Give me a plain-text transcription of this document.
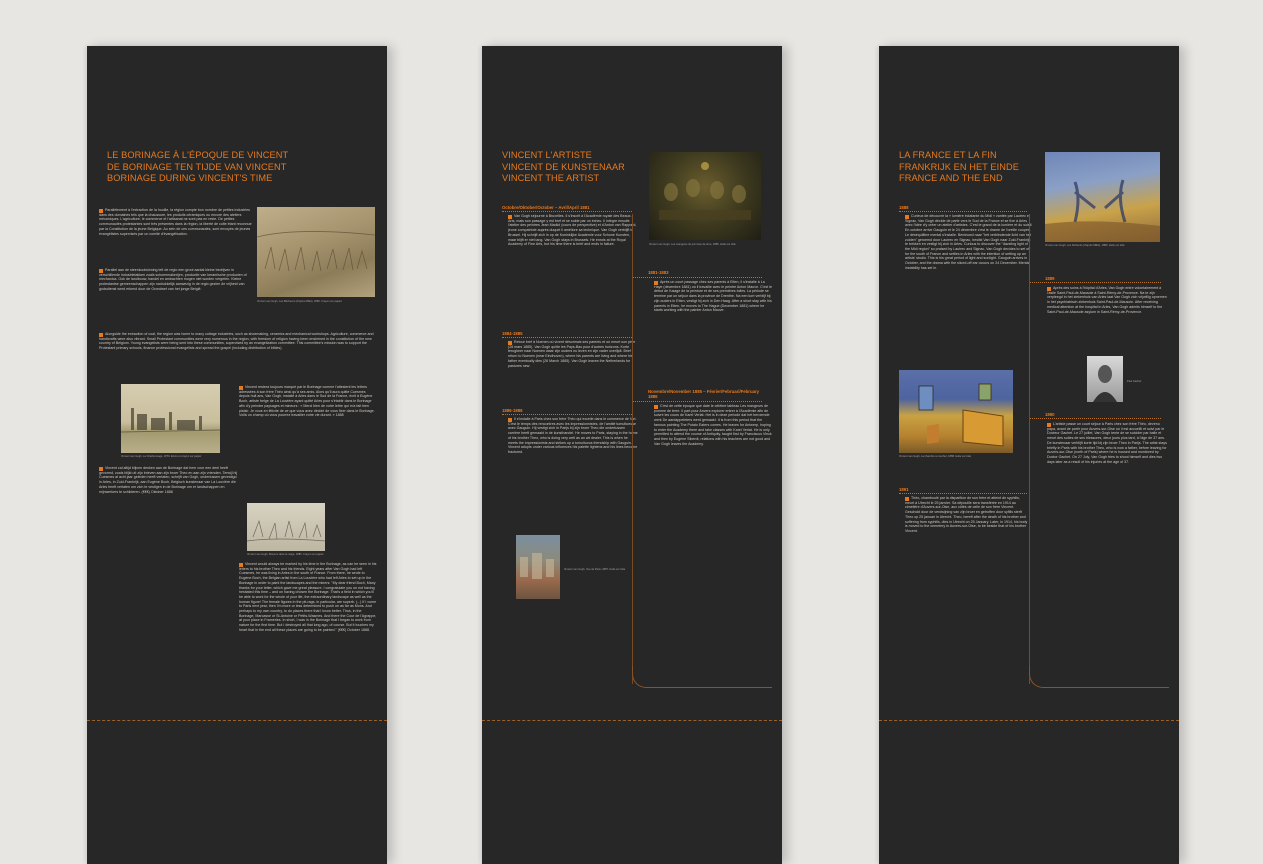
LE BORINAGE À L'ÉPOQUE DE VINCENT
DE BORINAGE TEN TIJDE VAN VINCENT
BORINAGE DURING VINCENT'S TIME
Parallèlement à l'extraction de la houille, la région compte bon nombre de petites industries dans des domaines tels que la chaussure, les produits céramiques ou encore des ateliers mécaniques. L'agriculture, le commerce et l'artisanat ne sont pas en reste. De petites communautés protestantes sont très présentes dans la région, la liberté de culte étant reconnue par la Constitution de la jeune Belgique. Au sein de ces communautés, sont envoyés de jeunes évangélistes supervisés par un comité d'évangélisation.
Parallel aan de steenkoolwinning telt de regio een groot aantal kleine bedrijven in verschillende industrietakken zoals schoenmakerijen, productie van keramische producten of mechanica. Ook de landbouw, handel en ambachten mogen niet worden vergeten. Kleine protestantse gemeenschappen zijn nadrukkelijk aanwezig in de regio gezien de vrijheid van godsdienst werd erkend door de Grondwet van het jonge België.
Vincent van Gogh, Les Bêcheurs (d'après Millet), 1880. Crayon sur papier
Alongside the extraction of coal, the region was home to many cottage industries, such as shoemaking, ceramics and mechanical workshops. Agriculture, commerce and handicrafts were also vibrant. Small Protestant communities were very numerous in the region, with freedom of religion having been enshrined in the constitution of the new country of Belgium. Young evangelists were being sent into these communities, supervised by an evangelization committee. This committee's mission was to support the Protestant primary schools, finance professional evangelists and spread the gospel (including distribution of bibles).
Vincent van Gogh, Le Charbonnage, 1879. Encre et crayon sur papier
Vincent zal altijd blijven denken aan de Borinage dat hem voor een deel heeft gevormd, zoals blijkt uit zijn brieven aan zijn broer Theo en aan zijn vrienden. Terwijl hij Cuesmes al acht jaar geleden heeft verlaten, schrijft van Gogh, ondertussen gevestigd in Arles, in Zuid-Frankrijk, aan Eugène Boch, Belgisch kunstenaar van La Louvière die Arles heeft verlaten om zich te vestigen in de Borinage om er landschappen en mijnwerkers te schilderen. (€€€) Oktober 1888
Vincent restera toujours marqué par le Borinage comme l'attestent les lettres adressées à son frère Théo ainsi qu'à ses amis. Alors qu'il aura quitté Cuesmes depuis huit ans, Van Gogh, installé à Arles dans le Sud de la France, écrit à Eugène Boch, artiste belge de La Louvière ayant quitté Arles pour s'établir dans le Borinage afin d'y peindre paysages et mineurs : « Merci bien de votre lettre qui m'a fait bien plaisir. Je vous en félicite de ce que vous avez décidé de vous fixer dans le Borinage. Voilà un champ où vous pourrez travailler votre vie durant. » 1888
Vincent van Gogh, Mineurs dans la neige, 1880. Crayon sur papier
Vincent would always be marked by his time in the Borinage, as can be seen in his letters to his brother Theo and his friends. Eight years after Van Gogh had left Cuesmes, he was living in Arles in the south of France. From there, he wrote to Eugène Boch, the Belgian artist from La Louvière who had left Arles to set up in the Borinage in order to paint the landscapes and the miners: "My dear friend Boch, Many thanks for your letter, which gave me great pleasure. I congratulate you on not having hesitated this time – and on having chosen the Borinage. That's a field in which you'll be able to work for the whole of your life, the extraordinary landscape as well as the human figure! The female figures in the pit-rags, in particular, are superb. (...) If I come to Paris next year, then I'm more or less determined to push on as far as Mons. And perhaps to my own country, to do places there that I know better. Thus, in the Borinage, Marcasse or St-Antoine or Petits-Wasmes. And there the Cour de l'Agrappe, at your place in Framerles. In short, I was in the Borinage that I began to work from nature for the first time. But I destroyed all that long ago, of course. But it touches my heart that in the end all these places are going to be painted." (€€€) October 1888.
VINCENT L'ARTISTE
VINCENT DE KUNSTENAAR
VINCENT THE ARTIST
Vincent van Gogh, Les mangeurs de pommes de terre, 1885. Huile sur toile
Octobre/Oktober/October – Avril/April 1881
Van Gogh séjourne à Bruxelles. Il s'inscrit à l'Académie royale des Beaux-Arts, mais son passage y est bref et se solde par un échec. Il intègre ensuite l'atelier des peintres Jean Madiol (cours de perspective) et d'Anton van Rappard, jeune compatriote auprès duquel il améliore sa technique. Van Gogh verblijft in Brussel. Hij schrijft zich in op de Koninklijke Academie voor Schone Kunsten, maar blijft er niet lang. Van Gogh stays in Brussels. He enrols at the Royal Academy of Fine Arts, but his time there is brief and ends in failure.
1881-1883
Après un court passage chez ses parents à Etten, il s'installe à La Haye (décembre 1881) où il travaille avec le peintre Anton Mauve. C'est le début de l'usage de la peinture et de ses premières toiles. La période se termine par un séjour dans la province de Drenthe. Na een kort verblijf bij zijn ouders in Etten, vestigt hij zich in Den Haag. After a short stay with his parents in Etten, he moves to The Hague (December 1881) where he starts working with the painter Anton Mauve.
1884-1885
Retour bref à Nuenen où vivent désormais ses parents et où meurt son père (26 mars 1885). Van Gogh quitte les Pays-Bas pour d'autres horizons. Korte terugkeer naar Nuenen waar zijn ouders nu leven en zijn vader overlijdt. Brief return to Nuenen (near Eindhoven), where his parents are living and where his father eventually dies (26 March 1885). Van Gogh leaves the Netherlands for pastures new.
Novembre/November 1885 – Février/Februari/February 1886
C'est de cette époque que date le célèbre tableau Les mangeurs de pomme de terre. Il part pour Anvers explorer entrer à l'Académie afin de suivre les cours de Karel Verlat. Het is in deze periode dat het beroemde werk De aardappeleters werd gemaakt. It is from this period that the famous painting The Potato Eaters comes. He leaves for Antwerp, hoping to enter the Academy there and take classes with Karel Verlat. He is only permitted to attend the course of Antiquity, taught first by Franciscus Vinck and then by Eugène Siberdt, relations with his teachers are not good and Van Gogh leaves the Academy.
1886-1888
Il s'installe à Paris chez son frère Théo qui excelle dans le commerce de l'art. C'est le temps des rencontres avec les impressionnistes, de l'amitié tumultueuse avec Gauguin. Hij vestigt zich in Parijs bij zijn broer Theo die ondertussen carrière heeft gemaakt in de kunsthandel. He moves to Paris, staying in the home of his brother Theo, who is doing very well as an art dealer. This is when he meets the impressionists and strikes up a tumultuous friendship with Gauguin. Vincent adopts under various influences his palette lightens and his lines become fractured.
Vincent van Gogh, Vue de Paris, 1887. Huile sur toile
LA FRANCE ET LA FIN
FRANKRIJK EN HET EINDE
FRANCE AND THE END
Vincent van Gogh, Les bêcheurs (d'après Millet), 1889. Huile sur toile
1888
Curieux de découvrir la « lumière éclatante du Midi » vantée par Lautrec et Signac, Van Gogh décide de partir vers le Sud de la France et se fixe à Arles avec l'idée d'y créer un atelier d'artistes. C'est le grand de la lumière et du soleil. En octobre arrive Gauguin et le 24 décembre c'est le drame de l'oreille coupée. Le déséquilibre mental s'installe. Benieuwd naar "het verblindende licht van het zuiden" geroemd door Lautrec en Signac, beslist Van Gogh naar Zuid-Frankrijk te trekken en vestigt hij zich in Arles. Curious to discover the "dazzling light of the Midi region" so praised by Lautrec and Signac, Van Gogh decides to set off for the south of France and settles in Arles with the intention of setting up an artists' studio. This is his great period of light and sunlight. Gauguin arrives in October, and the drama with the sliced-off ear occurs on 24 December. Mental instability has set in.
1889
Après des soins à l'hôpital d'Arles, Van Gogh entre volontairement à l'asile Saint-Paul-de-Mausole à Saint-Rémy-de-Provence. Na te zijn verpleegd in het ziekenhuis van Arles laat Van Gogh zich vrijwillig opnemen in het psychiatrisch ziekenhuis Saint-Paul-de-Mausole. After receiving medical attention at the hospital in Arles, Van Gogh admits himself to the Saint-Paul-de-Mausole asylum in Saint-Rémy-de-Provence.
Paul Gachet
Vincent van Gogh, La chambre à coucher, 1888. Huile sur toile
1890
L'artiste passe un court séjour à Paris chez son frère Théo, devenu papa, avant de partir pour Auvers-sur-Oise où il est accueilli et suivi par le Docteur Gachet. Le 27 juillet, Van Gogh tente de se suicider par balle et meurt des suites de ses blessures, deux jours plus tard, à l'âge de 37 ans. De kunstenaar verblijft korte tijd bij zijn broer Theo in Parijs. The artist stays briefly in Paris with his brother Theo, who is now a father, before leaving for Auvers-sur-Oise (north of Paris) where he is housed and monitored by Doctor Gachet. On 27 July, Van Gogh tries to shoot himself and dies two days later as a result of his injuries at the age of 37.
1891
Théo, chamboulé par la disparition de son frère et atteint de syphilis, meurt à Utrecht le 25 janvier. Sa dépouille sera transférée en 1914 au cimetière d'Auvers-sur-Oise, aux côtés de celle de son frère Vincent. Geschokt door de verdwijning van zijn broer en getroffen door syfilis sterft Theo op 25 januari in Utrecht. Theo, bereft after the death of his brother and suffering from syphilis, dies in Utrecht on 25 January. Later, in 1914, his body is moved to the cemetery in Auvers-sur-Oise, to be beside that of his brother Vincent.
